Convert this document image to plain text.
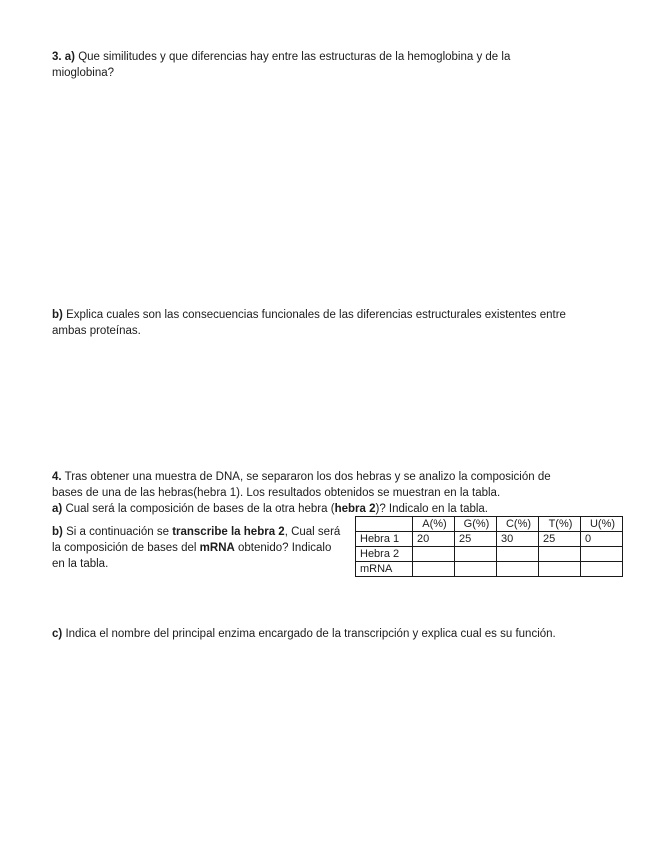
3. a) Que similitudes y que diferencias hay entre las estructuras de la hemoglobina y de la mioglobina?

b) Explica cuales son las consecuencias funcionales de las diferencias estructurales existentes entre ambas proteínas.

4. Tras obtener una muestra de DNA, se separaron los dos hebras y se analizo la composición de bases de una de las hebras(hebra 1). Los resultados obtenidos se muestran en la tabla.

a) Cual será la composición de bases de la otra hebra (hebra 2)? Indicalo en la tabla.

b) Si a continuación se transcribe la hebra 2, Cual será la composición de bases del mRNA obtenido? Indicalo en la tabla.

	A(%)	G(%)	C(%)	T(%)	U(%)
Hebra 1	20	25	30	25	0
Hebra 2					
mRNA					

c) Indica el nombre del principal enzima encargado de la transcripción y explica cual es su función.
